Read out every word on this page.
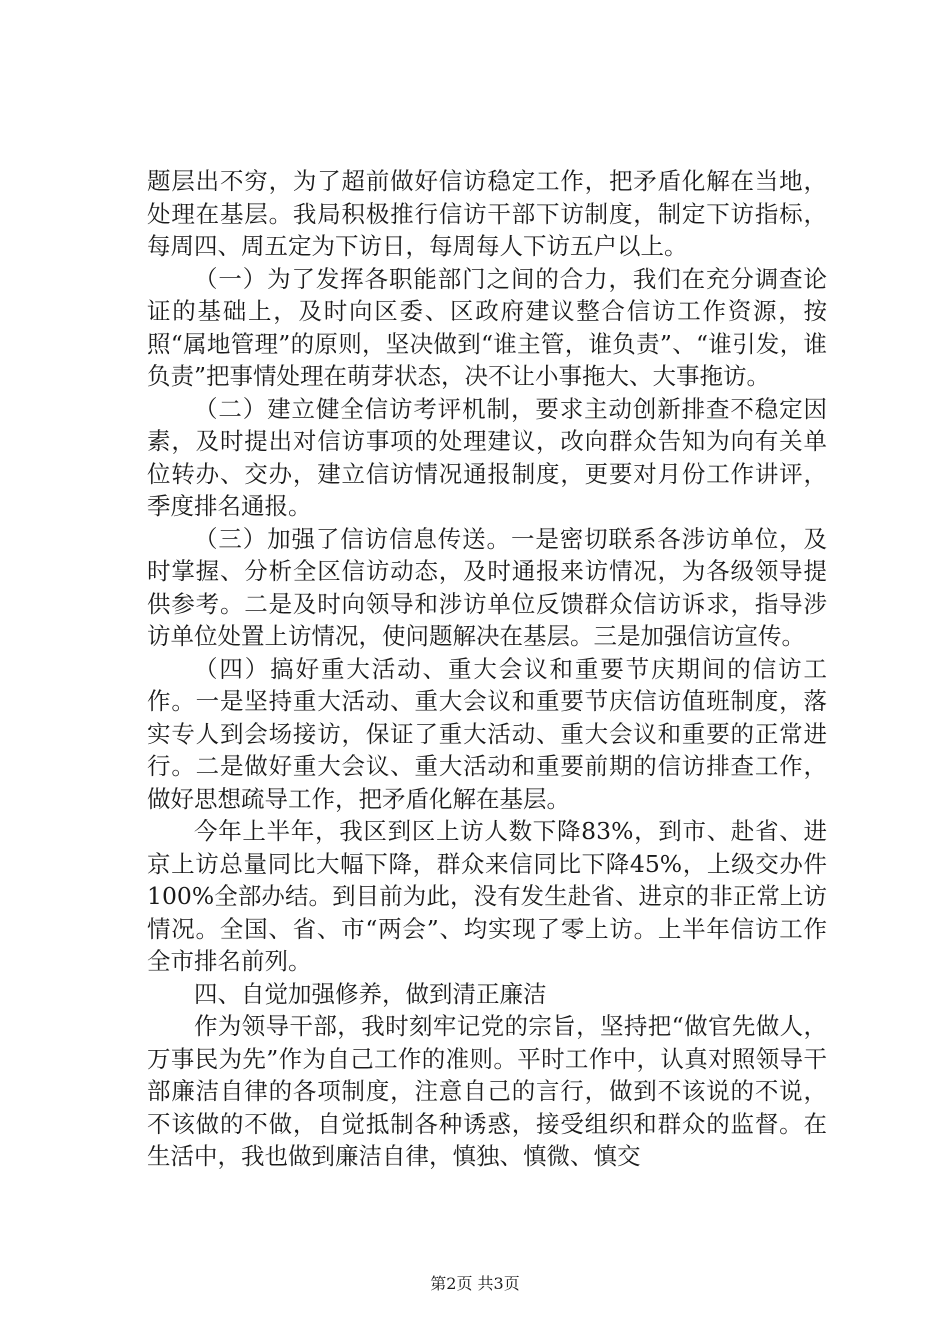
题层出不穷，为了超前做好信访稳定工作，把矛盾化解在当地，处理在基层。我局积极推行信访干部下访制度，制定下访指标，每周四、周五定为下访日，每周每人下访五户以上。

（一）为了发挥各职能部门之间的合力，我们在充分调查论证的基础上，及时向区委、区政府建议整合信访工作资源，按照“属地管理”的原则，坚决做到“谁主管，谁负责”、“谁引发，谁负责”把事情处理在萌芽状态，决不让小事拖大、大事拖访。

（二）建立健全信访考评机制，要求主动创新排查不稳定因素，及时提出对信访事项的处理建议，改向群众告知为向有关单位转办、交办，建立信访情况通报制度，更要对月份工作讲评，季度排名通报。

（三）加强了信访信息传送。一是密切联系各涉访单位，及时掌握、分析全区信访动态，及时通报来访情况，为各级领导提供参考。二是及时向领导和涉访单位反馈群众信访诉求，指导涉访单位处置上访情况，使问题解决在基层。三是加强信访宣传。

（四）搞好重大活动、重大会议和重要节庆期间的信访工作。一是坚持重大活动、重大会议和重要节庆信访值班制度，落实专人到会场接访，保证了重大活动、重大会议和重要的正常进行。二是做好重大会议、重大活动和重要前期的信访排查工作，做好思想疏导工作，把矛盾化解在基层。

今年上半年，我区到区上访人数下降83%，到市、赴省、进京上访总量同比大幅下降，群众来信同比下降45%，上级交办件100%全部办结。到目前为此，没有发生赴省、进京的非正常上访情况。全国、省、市“两会”、均实现了零上访。上半年信访工作全市排名前列。

四、自觉加强修养，做到清正廉洁

作为领导干部，我时刻牢记党的宗旨，坚持把“做官先做人，万事民为先”作为自己工作的准则。平时工作中，认真对照领导干部廉洁自律的各项制度，注意自己的言行，做到不该说的不说，不该做的不做，自觉抵制各种诱惑，接受组织和群众的监督。在生活中，我也做到廉洁自律，慎独、慎微、慎交

第2页 共3页
